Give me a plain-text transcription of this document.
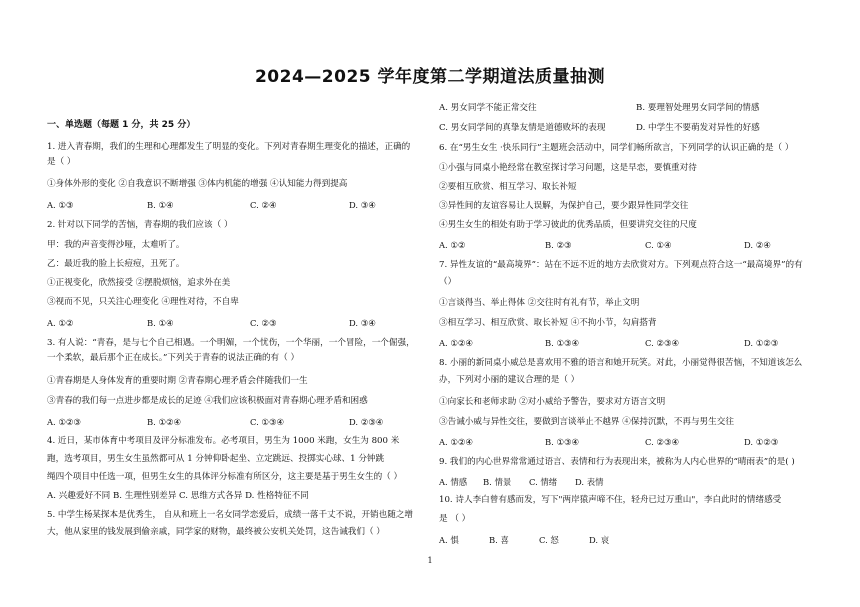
2024—2025 学年度第二学期道法质量抽测
一、单选题（每题 1 分，共 25 分）
1. 进入青春期，我们的生理和心理都发生了明显的变化。下列对青春期生理变化的描述，正确的
是（ ）
①身体外形的变化 ②自我意识不断增强 ③体内机能的增强 ④认知能力得到提高
A. ①③	B. ①④	C. ②④	D. ③④
2. 针对以下同学的苦恼，青春期的我们应该（ ）
甲：我的声音变得沙哑，太难听了。
乙：最近我的脸上长痘痘，丑死了。
①正视变化，欣然接受 ②摆脱烦恼，追求外在美
③视而不见，只关注心理变化 ④理性对待，不自卑
A. ①②	B. ①④	C. ②③	D. ③④
3. 有人说：“青春，是与七个自己相遇。一个明媚，一个忧伤，一个华丽，一个冒险，一个倔强，
一个柔软，最后那个正在成长。”下列关于青春的说法正确的有（ ）
①青春期是人身体发育的重要时期 ②青春期心理矛盾会伴随我们一生
③青春的我们每一点进步都是成长的足迹 ④我们应该积极面对青春期心理矛盾和困惑
A. ①②③	B. ①②④	C. ①③④	D. ②③④
4. 近日，某市体育中考项目及评分标准发布。必考项目，男生为 1000 米跑，女生为 800 米
跑，选考项目，男生女生虽然都可从 1 分钟仰卧起坐、立定跳远、投掷实心球、1 分钟跳
绳四个项目中任选一项，但男生女生的具体评分标准有所区分，这主要是基于男生女生的（ ）
A. 兴趣爱好不同 B. 生理性别差异 C. 思维方式各异 D. 性格特征不同
5. 中学生杨某探本是优秀生， 自从和班上一名女同学恋爱后，成绩一落千丈不说，开销也随之增
大，他从家里的钱发展到偷亲戚，同学家的财物，最终被公安机关处罚，这告诫我们（ ）
A. 男女同学不能正常交往	B. 要理智处理男女同学间的情感
C. 男女同学间的真挚友情是道德败坏的表现	D. 中学生不要萌发对异性的好感
6. 在“男生女生 ·快乐同行”主题班会活动中，同学们畅所欲言，下列同学的认识正确的是（ ）
①小强与同桌小艳经常在教室探讨学习问题，这是早恋，要慎重对待
②要相互欣赏、相互学习、取长补短
③异性间的友谊容易让人误解，为保护自己，要少跟异性同学交往
④男生女生的相处有助于学习彼此的优秀品质，但要讲究交往的尺度
A. ①②	B. ②③	C. ①④	D. ②④
7. 异性友谊的“最高境界”：站在不远不近的地方去欣赏对方。下列观点符合这一“最高境界”的有
（）
①言谈得当、举止得体 ②交往时有礼有节，举止文明
③相互学习、相互欣赏、取长补短 ④不拘小节，勾肩搭背
A. ①②④	B. ①③④	C. ②③④	D. ①②③
8. 小丽的新同桌小威总是喜欢用不雅的语言和她开玩笑。对此，小丽觉得很苦恼，不知道该怎么
办，下列对小丽的建议合理的是（ ）
①向家长和老师求助 ②对小威给予警告，要求对方语言文明
③告诫小威与异性交往，要做到言谈举止不越界 ④保持沉默，不再与男生交往
A. ①②④	B. ①③④	C. ②③④	D. ①②③
9. 我们的内心世界常常通过语言、表情和行为表现出来，被称为人内心世界的“晴雨表”的是( )
A. 情感 B. 情景 C. 情绪 D. 表情
10. 诗人李白曾有感而发，写下"两岸猿声啼不住，轻舟已过万重山"，李白此时的情绪感受
是 （ ）
A. 惧	B. 喜	C. 怒	D. 哀
1
